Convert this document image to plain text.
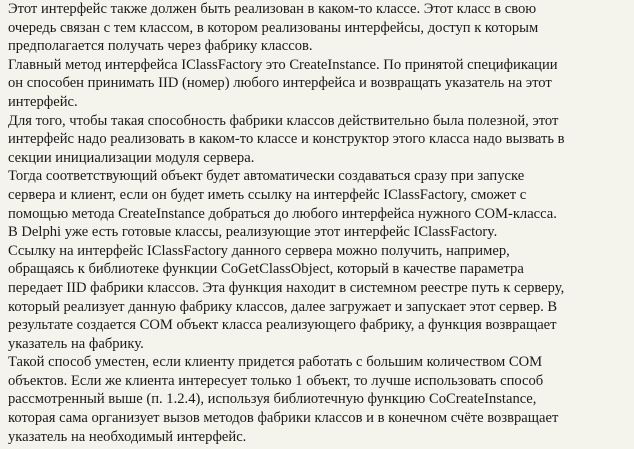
Этот интерфейс также должен быть реализован в каком-то классе. Этот класс в свою
очередь связан с тем классом, в котором реализованы интерфейсы, доступ к которым
предполагается получать через фабрику классов.

Главный метод интерфейса IClassFactory это CreateInstance. По принятой спецификации
он способен принимать IID (номер) любого интерфейса и возвращать указатель на этот
интерфейс.

Для того, чтобы такая способность фабрики классов действительно была полезной, этот
интерфейс надо реализовать в каком-то классе и конструктор этого класса надо вызвать в
секции инициализации модуля сервера.

Тогда соответствующий объект будет автоматически создаваться сразу при запуске
сервера и клиент, если он будет иметь ссылку на интерфейс IClassFactory, сможет с
помощью метода CreateInstance добраться до любого интерфейса нужного COM-класса.
В Delphi уже есть готовые классы, реализующие этот интерфейс IClassFactory.

Ссылку на интерфейс IClassFactory данного сервера можно получить, например,
обращаясь к библиотеке функции CoGetClassObject, который в качестве параметра
передает IID фабрики классов. Эта функция находит в системном реестре путь к серверу,
который реализует данную фабрику классов, далее загружает и запускает этот сервер. В
результате создается COM объект класса реализующего фабрику, а функция возвращает
указатель на фабрику.

Такой способ уместен, если клиенту придется работать с большим количеством COM
объектов. Если же клиента интересует только 1 объект, то лучше использовать способ
рассмотренный выше (п. 1.2.4), используя библиотечную функцию CoCreateInstance,
которая сама организует вызов методов фабрики классов и в конечном счёте возвращает
указатель на необходимый интерфейс.
